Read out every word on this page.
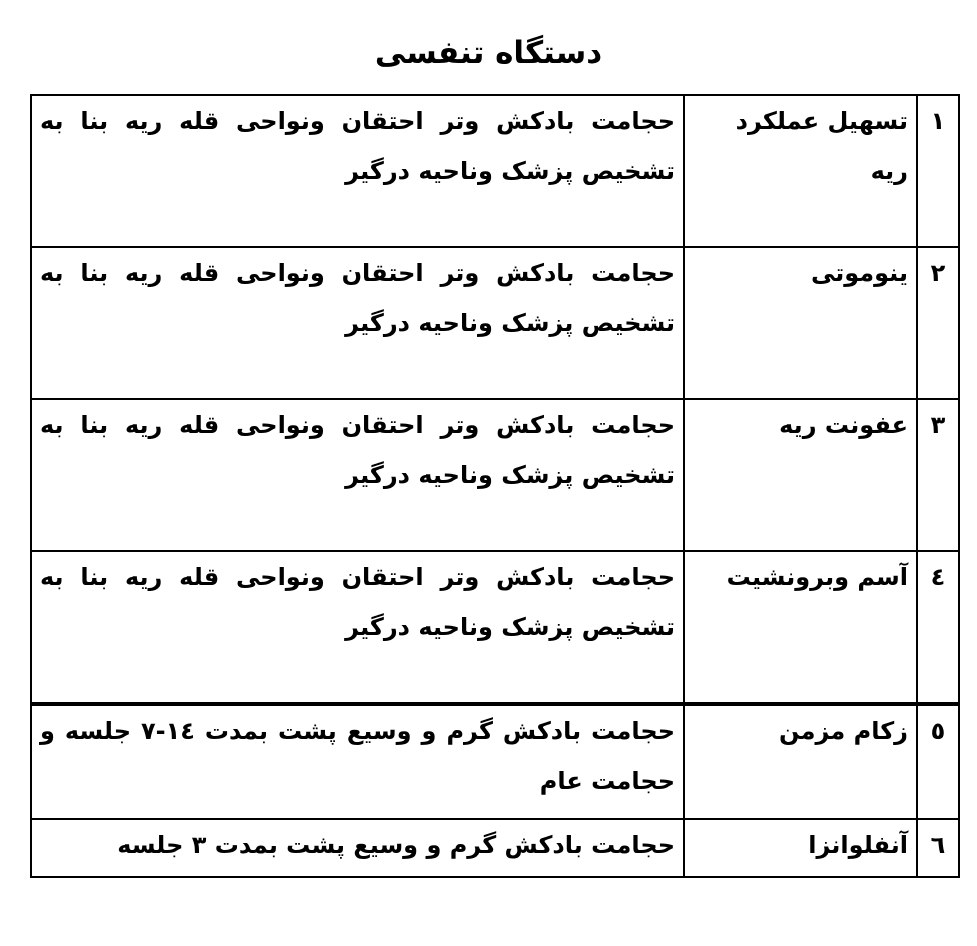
دستگاه تنفسی
۱	تسهیل عملکرد ریه	حجامت بادکش وتر احتقان ونواحی قله ریه بنا به تشخیص پزشک وناحیه درگیر
۲	ینوموتی	حجامت بادکش وتر احتقان ونواحی قله ریه بنا به تشخیص پزشک وناحیه درگیر
۳	عفونت ریه	حجامت بادکش وتر احتقان ونواحی قله ریه بنا به تشخیص پزشک وناحیه درگیر
٤	آسم وبرونشیت	حجامت بادکش وتر احتقان ونواحی قله ریه بنا به تشخیص پزشک وناحیه درگیر
٥	زکام مزمن	حجامت بادکش گرم و وسیع پشت بمدت ١٤-٧ جلسه و حجامت عام
٦	آنفلوانزا	حجامت بادکش گرم و وسیع پشت بمدت ۳ جلسه
